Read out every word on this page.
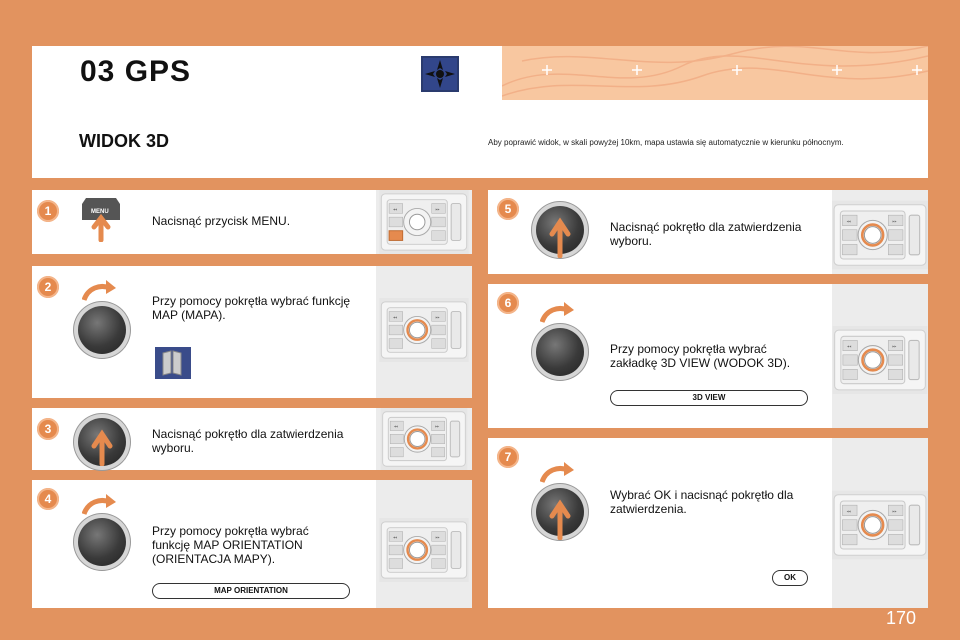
03 GPS
WIDOK 3D	Aby poprawić widok, w skali powyżej 10km, mapa ustawia się automatycznie w kierunku północnym.
1	MENU
Nacisnąć przycisk MENU.
2
Przy pomocy pokrętła wybrać funkcję MAP (MAPA).
3	Nacisnąć pokrętło dla zatwierdzenia wyboru.
4
Przy pomocy pokrętła wybrać funkcję MAP ORIENTATION (ORIENTACJA MAPY).
MAP ORIENTATION
5
Nacisnąć pokrętło dla zatwierdzenia wyboru.
6
Przy pomocy pokrętła wybrać zakładkę 3D VIEW (WODOK 3D).
3D VIEW
7
Wybrać OK i nacisnąć pokrętło dla zatwierdzenia.
OK
170
